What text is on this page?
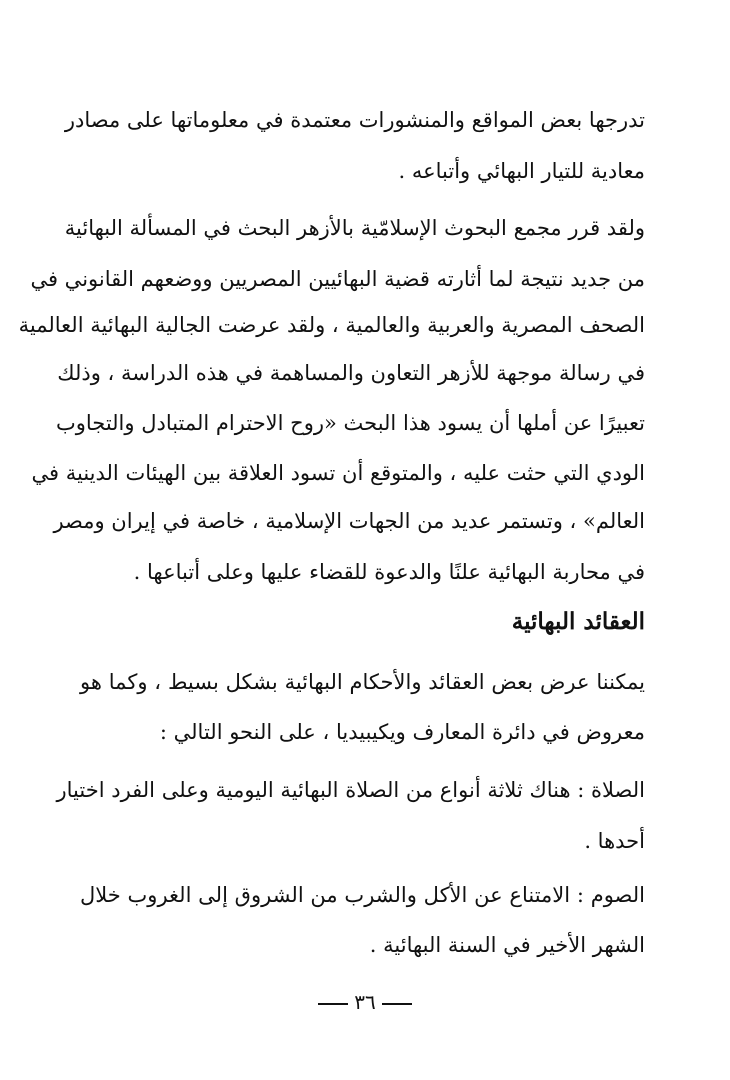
تدرجها بعض المواقع والمنشورات معتمدة في معلوماتها على مصادر
معادية للتيار البهائي وأتباعه .
ولقد قرر مجمع البحوث الإسلامّية بالأزهر البحث في المسألة البهائية
من جديد نتيجة لما أثارته قضية البهائيين المصريين ووضعهم القانوني في
الصحف المصرية والعربية والعالمية ، ولقد عرضت الجالية البهائية العالمية
في رسالة موجهة للأزهر التعاون والمساهمة في هذه الدراسة ، وذلك
تعبيرًا عن أملها أن يسود هذا البحث «روح الاحترام المتبادل والتجاوب
الودي التي حثت عليه ، والمتوقع أن تسود العلاقة بين الهيئات الدينية في
العالم» ، وتستمر عديد من الجهات الإسلامية ، خاصة في إيران ومصر
في محاربة البهائية علنًا والدعوة للقضاء عليها وعلى أتباعها .
العقائد البهائية
يمكننا عرض بعض العقائد والأحكام البهائية بشكل بسيط ، وكما هو
معروض في دائرة المعارف ويكيبيديا ، على النحو التالي :
الصلاة : هناك ثلاثة أنواع من الصلاة البهائية اليومية وعلى الفرد اختيار
أحدها .
الصوم : الامتناع عن الأكل والشرب من الشروق إلى الغروب خلال
الشهر الأخير في السنة البهائية .
٣٦
